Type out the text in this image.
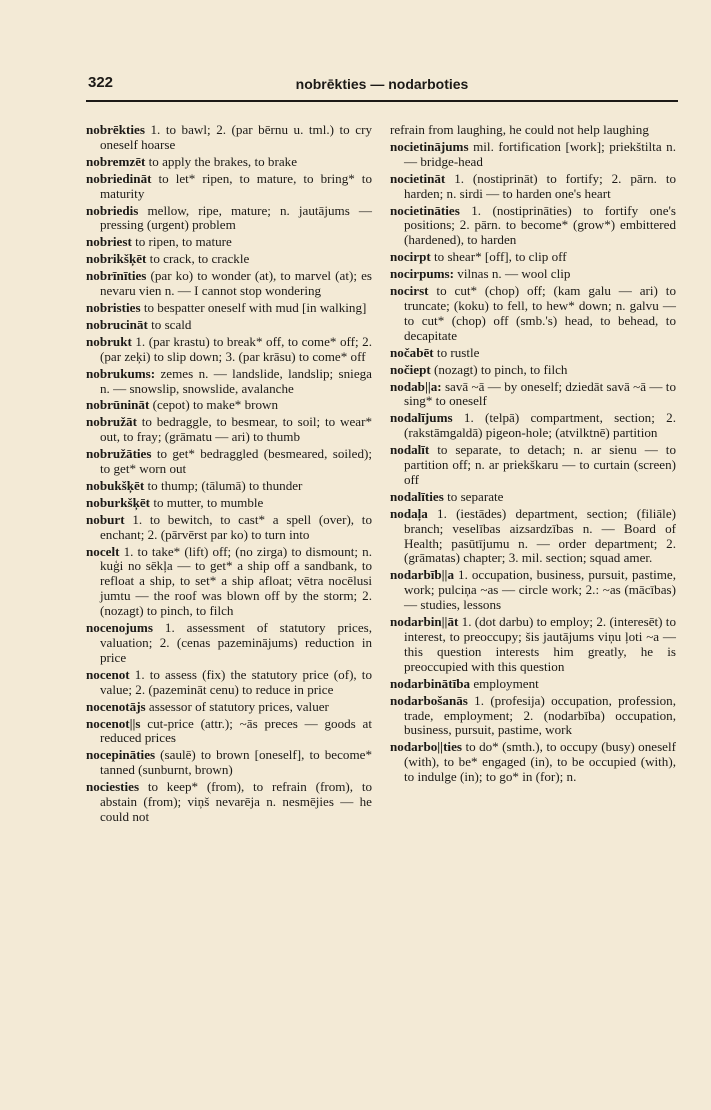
322	nobrēkties — nodarboties

nobrēkties 1. to bawl; 2. (par bērnu u. tml.) to cry oneself hoarse

nobremzēt to apply the brakes, to brake

nobriedināt to let* ripen, to mature, to bring* to maturity

nobriedis mellow, ripe, mature; n. jautājums — pressing (urgent) problem

nobriest to ripen, to mature

nobrikšķēt to crack, to crackle

nobrīnīties (par ko) to wonder (at), to marvel (at); es nevaru vien n. — I cannot stop wondering

nobristies to bespatter oneself with mud [in walking]

nobrucināt to scald

nobrukt 1. (par krastu) to break* off, to come* off; 2. (par zeķi) to slip down; 3. (par krāsu) to come* off

nobrukums: zemes n. — landslide, landslip; sniega n. — snowslip, snowslide, avalanche

nobrūnināt (cepot) to make* brown

nobružāt to bedraggle, to besmear, to soil; to wear* out, to fray; (grāmatu — ari) to thumb

nobružāties to get* bedraggled (besmeared, soiled); to get* worn out

nobukšķēt to thump; (tālumā) to thunder

noburkšķēt to mutter, to mumble

noburt 1. to bewitch, to cast* a spell (over), to enchant; 2. (pārvērst par ko) to turn into

nocelt 1. to take* (lift) off; (no zirga) to dismount; n. kuģi no sēkļa — to get* a ship off a sandbank, to refloat a ship, to set* a ship afloat; vētra nocēlusi jumtu — the roof was blown off by the storm; 2. (nozagt) to pinch, to filch

nocenojums 1. assessment of statutory prices, valuation; 2. (cenas pazeminājums) reduction in price

nocenot 1. to assess (fix) the statutory price (of), to value; 2. (pazemināt cenu) to reduce in price

nocenotājs assessor of statutory prices, valuer

nocenot||s cut-price (attr.); ~ās preces — goods at reduced prices

nocepināties (saulē) to brown [oneself], to become* tanned (sunburnt, brown)

nociesties to keep* (from), to refrain (from), to abstain (from); viņš nevarēja n. nesmējies — he could not

refrain from laughing, he could not help laughing

nocietinājums mil. fortification [work]; priekštilta n. — bridge-head

nocietināt 1. (nostiprināt) to fortify; 2. pārn. to harden; n. sirdi — to harden one's heart

nocietināties 1. (nostiprināties) to fortify one's positions; 2. pārn. to become* (grow*) embittered (hardened), to harden

nocirpt to shear* [off], to clip off

nocirpums: vilnas n. — wool clip

nocirst to cut* (chop) off; (kam galu — ari) to truncate; (koku) to fell, to hew* down; n. galvu — to cut* (chop) off (smb.'s) head, to behead, to decapitate

nočabēt to rustle

nočiept (nozagt) to pinch, to filch

nodab||a: savā ~ā — by oneself; dziedāt savā ~ā — to sing* to oneself

nodalījums 1. (telpā) compartment, section; 2. (rakstāmgaldā) pigeon-hole; (atvilktnē) partition

nodalīt to separate, to detach; n. ar sienu — to partition off; n. ar priekškaru — to curtain (screen) off

nodalīties to separate

nodaļa 1. (iestādes) department, section; (filiāle) branch; veselības aizsardzības n. — Board of Health; pasūtījumu n. — order department; 2. (grāmatas) chapter; 3. mil. section; squad amer.

nodarbīb||a 1. occupation, business, pursuit, pastime, work; pulciņa ~as — circle work; 2.: ~as (mācības) — studies, lessons

nodarbin||āt 1. (dot darbu) to employ; 2. (interesēt) to interest, to preoccupy; šis jautājums viņu ļoti ~a — this question interests him greatly, he is preoccupied with this question

nodarbinātība employment

nodarbošanās 1. (profesija) occupation, profession, trade, employment; 2. (nodarbība) occupation, business, pursuit, pastime, work

nodarbo||ties to do* (smth.), to occupy (busy) oneself (with), to be* engaged (in), to be occupied (with), to indulge (in); to go* in (for); n.
